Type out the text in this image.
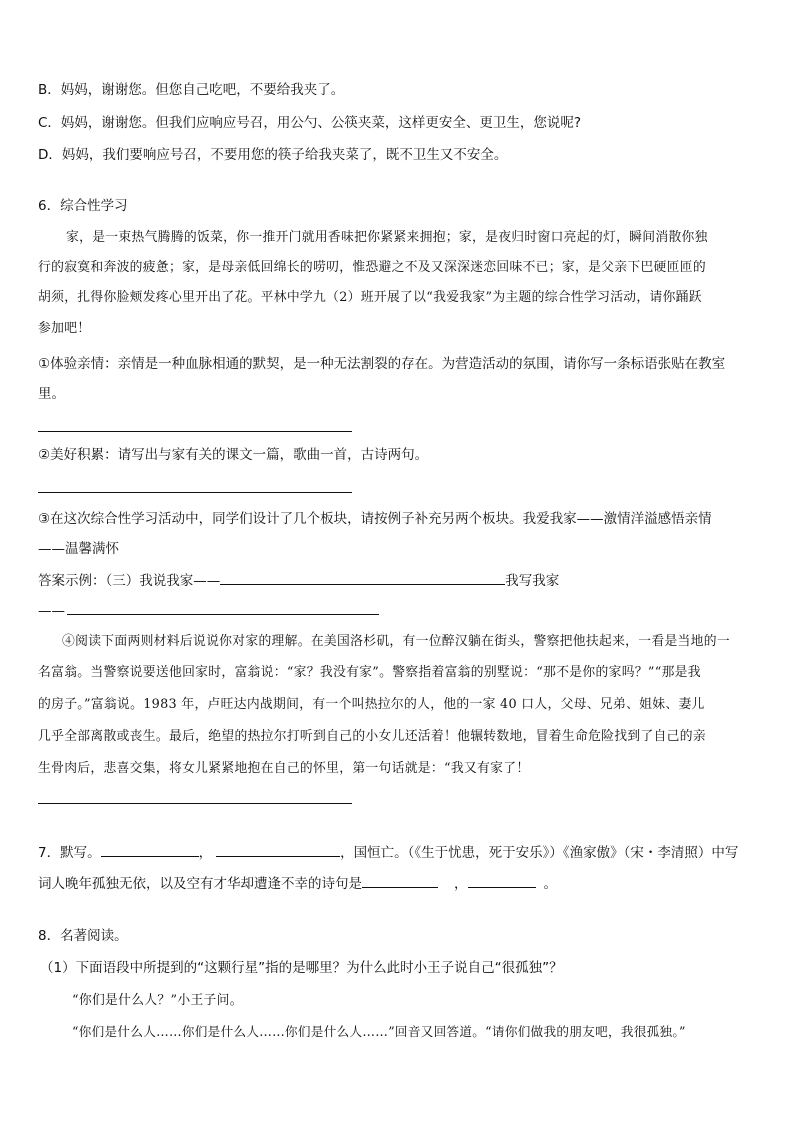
B．妈妈，谢谢您。但您自己吃吧，不要给我夹了。
C．妈妈，谢谢您。但我们应响应号召，用公勺、公筷夹菜，这样更安全、更卫生，您说呢?
D．妈妈，我们要响应号召，不要用您的筷子给我夹菜了，既不卫生又不安全。
6．综合性学习
家，是一束热气腾腾的饭菜，你一推开门就用香味把你紧紧来拥抱；家，是夜归时窗口亮起的灯，瞬间消散你独
行的寂寞和奔波的疲惫；家，是母亲低回绵长的唠叨，惟恐避之不及又深深迷恋回味不已；家，是父亲下巴硬匝匝的
胡须，扎得你脸颊发疼心里开出了花。平林中学九（2）班开展了以“我爱我家”为主题的综合性学习活动，请你踊跃
参加吧！
①体验亲情：亲情是一种血脉相通的默契，是一种无法割裂的存在。为营造活动的氛围，请你写一条标语张贴在教室
里。
②美好积累：请写出与家有关的课文一篇，歌曲一首，古诗两句。
③在这次综合性学习活动中，同学们设计了几个板块，请按例子补充另两个板块。我爱我家——激情洋溢感悟亲情
——温馨满怀
答案示例：（三）我说我家——	我写我家
——
④阅读下面两则材料后说说你对家的理解。在美国洛杉矶，有一位醉汉躺在街头，警察把他扶起来，一看是当地的一
名富翁。当警察说要送他回家时，富翁说：“家？我没有家”。警察指着富翁的别墅说：“那不是你的家吗？”“那是我
的房子。”富翁说。1983 年，卢旺达内战期间，有一个叫热拉尔的人，他的一家 40 口人，父母、兄弟、姐妹、妻儿
几乎全部离散或丧生。最后，绝望的热拉尔打听到自己的小女儿还活着！他辗转数地，冒着生命危险找到了自己的亲
生骨肉后，悲喜交集，将女儿紧紧地抱在自己的怀里，第一句话就是：“我又有家了！
7．默写。	，	，国恒亡。（《生于忧患，死于安乐》）《渔家傲》（宋・李清照）中写
词人晚年孤独无依，以及空有才华却遭逢不幸的诗句是	，	。
8．名著阅读。
（1）下面语段中所提到的“这颗行星”指的是哪里？为什么此时小王子说自己“很孤独”？
“你们是什么人？”小王子问。
“你们是什么人……你们是什么人……你们是什么人……”回音又回答道。“请你们做我的朋友吧，我很孤独。”
